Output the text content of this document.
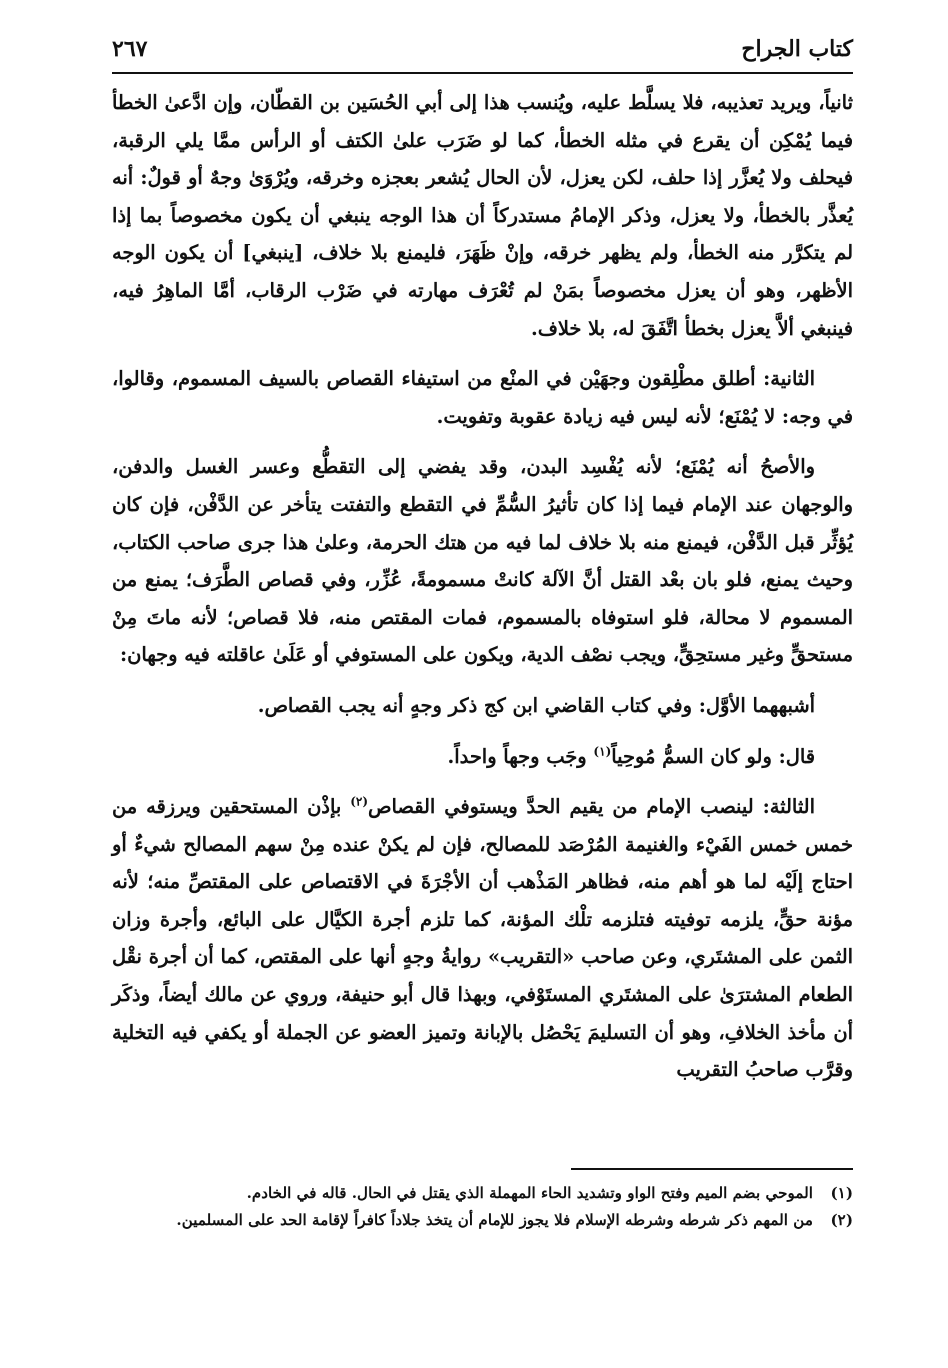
كتاب الجراح
٢٦٧

ثانياً، ويريد تعذيبه، فلا يسلَّط عليه، ويُنسب هذا إلى أبي الحُسَين بن القطّان، وإن ادَّعىٰ الخطأ فيما يُمْكِن أن يقرع في مثله الخطأ، كما لو ضَرَب علىٰ الكتف أو الرأس ممَّا يلي الرقبة، فيحلف ولا يُعزَّر إذا حلف، لكن يعزل، لأن الحال يُشعر بعجزه وخرقه، ويُرْوَىٰ وجهٌ أو قولٌ: أنه يُعذَّر بالخطأ، ولا يعزل، وذكر الإمامُ مستدركاً أن هذا الوجه ينبغي أن يكون مخصوصاً بما إذا لم يتكرَّر منه الخطأ، ولم يظهر خرقه، وإنْ ظَهَرَ، فليمنع بلا خلاف، [ينبغي] أن يكون الوجه الأظهر، وهو أن يعزل مخصوصاً بمَنْ لم تُعْرَف مهارته في ضَرْب الرقاب، أمَّا الماهِرُ فيه، فينبغي ألاَّ يعزل بخطأ اتَّفَقَ له، بلا خلاف.

الثانية: أطلق مطْلِقون وجهَيْن في المنْع من استيفاء القصاص بالسيف المسموم، وقالوا، في وجه: لا يُمْنَع؛ لأنه ليس فيه زيادة عقوبة وتفويت.

والأصحُ أنه يُمْنَع؛ لأنه يُفْسِد البدن، وقد يفضي إلى التقطُّع وعسر الغسل والدفن، والوجهان عند الإمام فيما إذا كان تأثيرُ السُّمِّ في التقطع والتفتت يتأخر عن الدَّفْن، فإن كان يُؤثِّر قبل الدَّفْن، فيمنع منه بلا خلاف لما فيه من هتك الحرمة، وعلىٰ هذا جرى صاحب الكتاب، وحيث يمنع، فلو بان بعْد القتل أنَّ الآلة كانتْ مسمومةً، عُزِّر، وفي قصاص الطَّرَف؛ يمنع من المسموم لا محالة، فلو استوفاه بالمسموم، فمات المقتص منه، فلا قصاص؛ لأنه ماتَ مِنْ مستحقٍّ وغير مستحِقٍّ، ويجب نصْف الدية، ويكون على المستوفي أو عَلَىٰ عاقلته فيه وجهان:

أشبههما الأوَّل: وفي كتاب القاضي ابن كج ذكر وجهٍ أنه يجب القصاص.

قال: ولو كان السمُّ مُوحِياً$^{(١)}$ وجَب وجهاً واحداً.

الثالثة: لينصب الإمام من يقيم الحدَّ ويستوفي القصاص$^{(٢)}$ بإذْن المستحقين ويرزقه من خمس خمس الفَيْء والغنيمة المُرْصَد للمصالح، فإن لم يكنْ عنده مِنْ سهم المصالح شيءٌ أو احتاج إلَيْه لما هو أهم منه، فظاهر المَذْهب أن الأجْرَةَ في الاقتصاص على المقتصِّ منه؛ لأنه مؤنة حقٍّ، يلزمه توفيته فتلزمه تلْك المؤنة، كما تلزم أجرة الكيَّال على البائع، وأجرة وزان الثمن على المشتَري، وعن صاحب «التقريب» روايةُ وجهٍ أنها على المقتص، كما أن أجرة نقْل الطعام المشترَىٰ على المشتَري المستَوْفي، وبهذا قال أبو حنيفة، وروي عن مالك أيضاً، وذكَر أن مأخذ الخلافِ، وهو أن التسليمَ يَحْصُل بالإبانة وتميز العضو عن الجملة أو يكفي فيه التخلية وقرَّب صاحبُ التقريب

(١)
الموحي بضم الميم وفتح الواو وتشديد الحاء المهملة الذي يقتل في الحال. قاله في الخادم.
(٢)
من المهم ذكر شرطه وشرطه الإسلام فلا يجوز للإمام أن يتخذ جلاداً كافراً لإقامة الحد على المسلمين.
